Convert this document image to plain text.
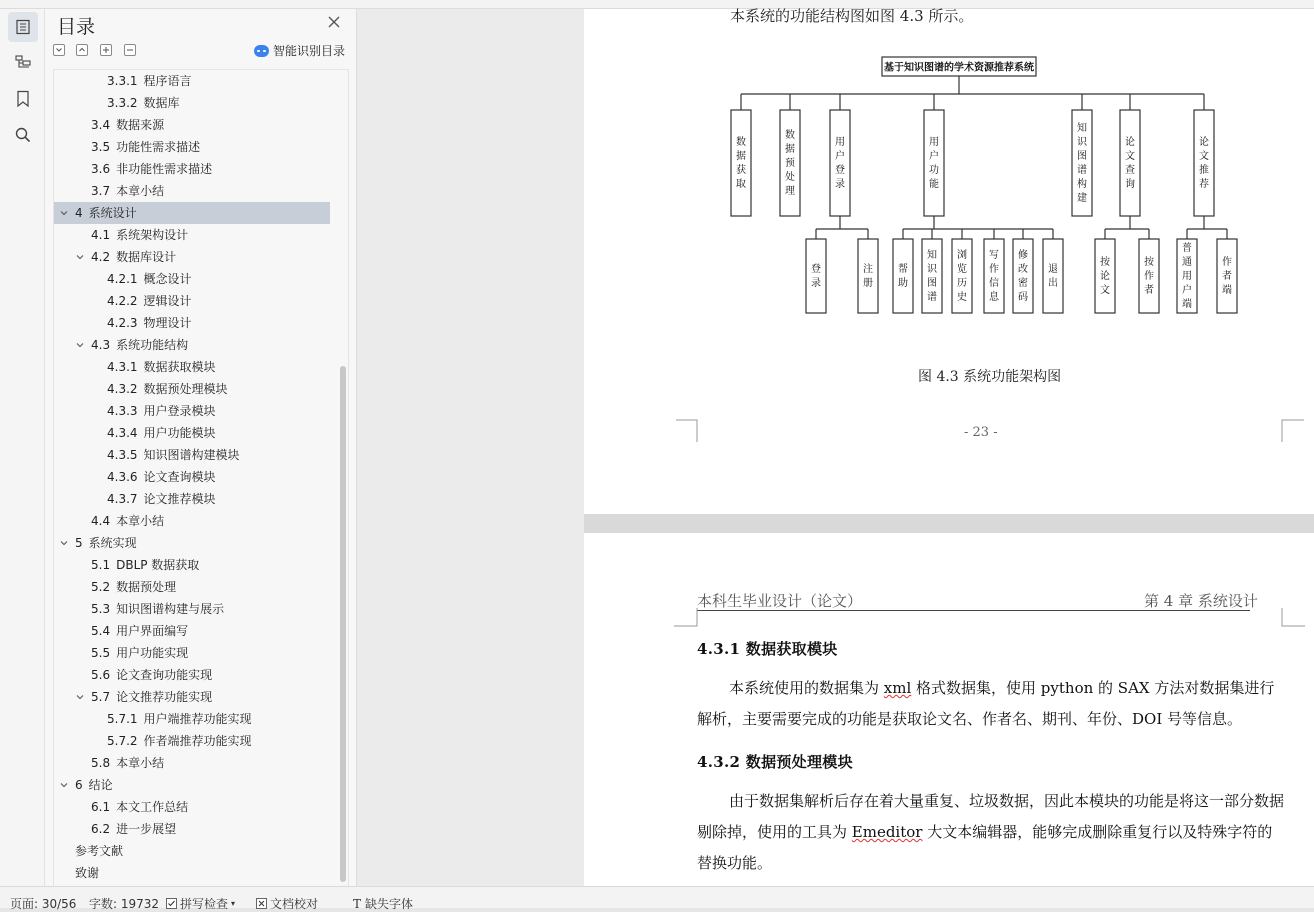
目录
智能识别目录
3.3.1 程序语言
3.3.2 数据库
3.4 数据来源
3.5 功能性需求描述
3.6 非功能性需求描述
3.7 本章小结
4 系统设计
4.1 系统架构设计
4.2 数据库设计
4.2.1 概念设计
4.2.2 逻辑设计
4.2.3 物理设计
4.3 系统功能结构
4.3.1 数据获取模块
4.3.2 数据预处理模块
4.3.3 用户登录模块
4.3.4 用户功能模块
4.3.5 知识图谱构建模块
4.3.6 论文查询模块
4.3.7 论文推荐模块
4.4 本章小结
5 系统实现
5.1 DBLP 数据获取
5.2 数据预处理
5.3 知识图谱构建与展示
5.4 用户界面编写
5.5 用户功能实现
5.6 论文查询功能实现
5.7 论文推荐功能实现
5.7.1 用户端推荐功能实现
5.7.2 作者端推荐功能实现
5.8 本章小结
6 结论
6.1 本文工作总结
6.2 进一步展望
参考文献
致谢
本系统的功能结构图如图 4.3 所示。
基于知识图谱的学术资源推荐系统
数据获取
数据预处理
用户登录
用户功能
知识图谱构建
论文查询
论文推荐
登录
注册
帮助
知识图谱
浏览历史
写作信息
修改密码
退出
按论文
按作者
普通用户端
作者端
图 4.3 系统功能架构图
- 23 -
本科生毕业设计（论文）	第 4 章 系统设计
4.3.1 数据获取模块
本系统使用的数据集为 xml 格式数据集，使用 python 的 SAX 方法对数据集进行解析，主要需要完成的功能是获取论文名、作者名、期刊、年份、DOI 号等信息。
4.3.2 数据预处理模块
由于数据集解析后存在着大量重复、垃圾数据，因此本模块的功能是将这一部分数据剔除掉，使用的工具为 Emeditor 大文本编辑器，能够完成删除重复行以及特殊字符的替换功能。
页面: 30/56 字数: 19732 拼写检查 ▾	文档校对	T 缺失字体
